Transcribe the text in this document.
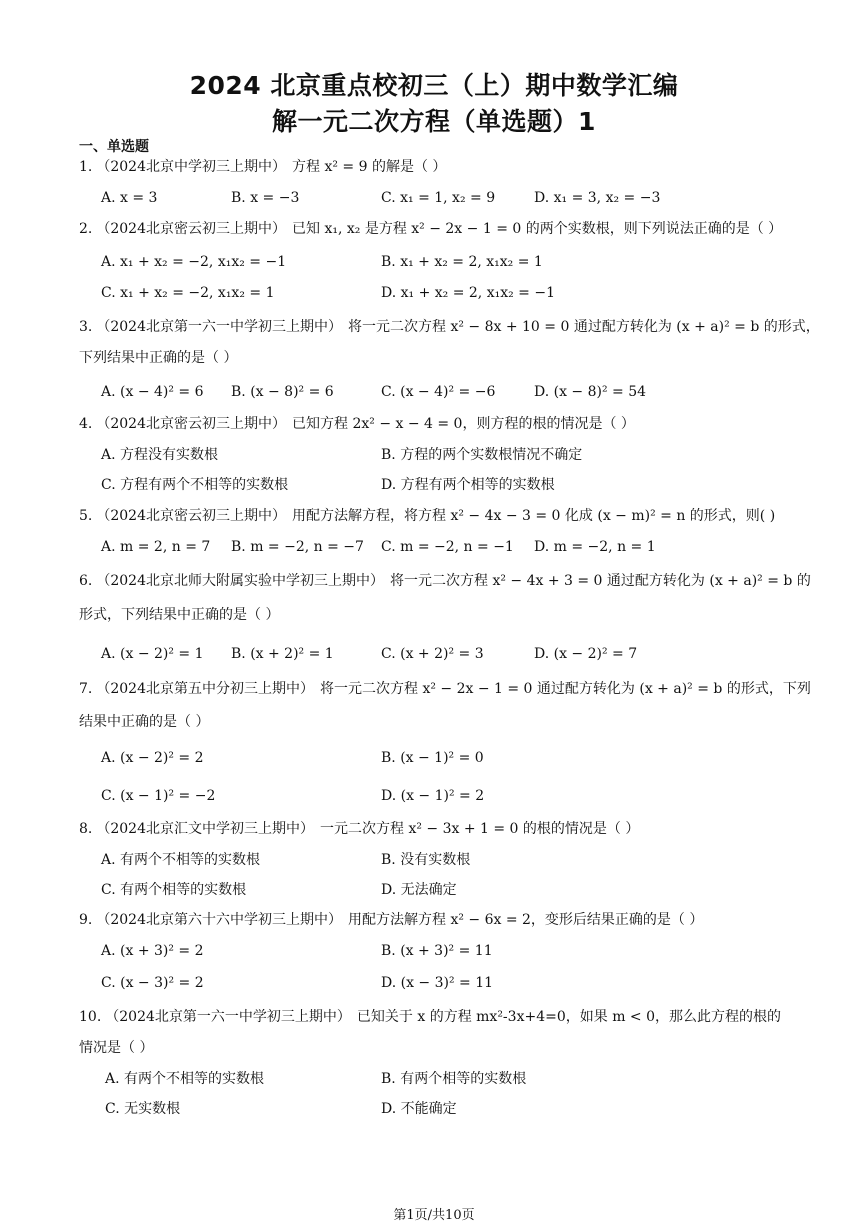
2024 北京重点校初三（上）期中数学汇编
解一元二次方程（单选题）1
一、单选题
1. （2024北京中学初三上期中） 方程 x² = 9 的解是（ ）
A. x = 3	B. x = −3	C. x₁ = 1, x₂ = 9	D. x₁ = 3, x₂ = −3
2. （2024北京密云初三上期中） 已知 x₁, x₂ 是方程 x² − 2x − 1 = 0 的两个实数根，则下列说法正确的是（ ）
A. x₁ + x₂ = −2, x₁x₂ = −1	B. x₁ + x₂ = 2, x₁x₂ = 1
C. x₁ + x₂ = −2, x₁x₂ = 1	D. x₁ + x₂ = 2, x₁x₂ = −1
3. （2024北京第一六一中学初三上期中） 将一元二次方程 x² − 8x + 10 = 0 通过配方转化为 (x + a)² = b 的形式，
下列结果中正确的是（ ）
A. (x − 4)² = 6 B. (x − 8)² = 6	C. (x − 4)² = −6	D. (x − 8)² = 54
4. （2024北京密云初三上期中） 已知方程 2x² − x − 4 = 0，则方程的根的情况是（ ）
A. 方程没有实数根	B. 方程的两个实数根情况不确定
C. 方程有两个不相等的实数根	D. 方程有两个相等的实数根
5. （2024北京密云初三上期中） 用配方法解方程，将方程 x² − 4x − 3 = 0 化成 (x − m)² = n 的形式，则( )
A. m = 2, n = 7 B. m = −2, n = −7 C. m = −2, n = −1 D. m = −2, n = 1
6. （2024北京北师大附属实验中学初三上期中） 将一元二次方程 x² − 4x + 3 = 0 通过配方转化为 (x + a)² = b 的
形式，下列结果中正确的是（ ）
A. (x − 2)² = 1 B. (x + 2)² = 1	C. (x + 2)² = 3	D. (x − 2)² = 7
7. （2024北京第五中分初三上期中） 将一元二次方程 x² − 2x − 1 = 0 通过配方转化为 (x + a)² = b 的形式，下列
结果中正确的是（ ）
A. (x − 2)² = 2	B. (x − 1)² = 0
C. (x − 1)² = −2	D. (x − 1)² = 2
8. （2024北京汇文中学初三上期中） 一元二次方程 x² − 3x + 1 = 0 的根的情况是（ ）
A. 有两个不相等的实数根	B. 没有实数根
C. 有两个相等的实数根	D. 无法确定
9. （2024北京第六十六中学初三上期中） 用配方法解方程 x² − 6x = 2，变形后结果正确的是（ ）
A. (x + 3)² = 2	B. (x + 3)² = 11
C. (x − 3)² = 2	D. (x − 3)² = 11
10. （2024北京第一六一中学初三上期中） 已知关于 x 的方程 mx²-3x+4=0，如果 m < 0，那么此方程的根的
情况是（ ）
A. 有两个不相等的实数根	B. 有两个相等的实数根
C. 无实数根	D. 不能确定
第1页/共10页
